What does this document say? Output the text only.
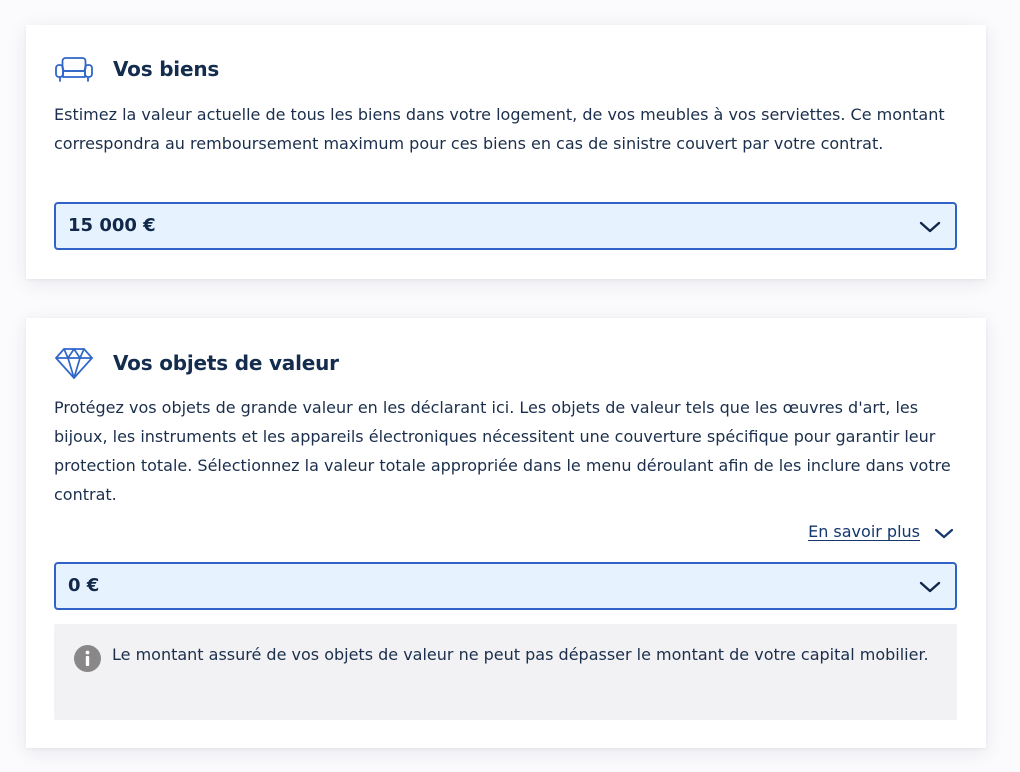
Vos biens

Estimez la valeur actuelle de tous les biens dans votre logement, de vos meubles à vos serviettes. Ce montant correspondra au remboursement maximum pour ces biens en cas de sinistre couvert par votre contrat.

15 000 €
Vos objets de valeur

Protégez vos objets de grande valeur en les déclarant ici. Les objets de valeur tels que les œuvres d'art, les bijoux, les instruments et les appareils électroniques nécessitent une couverture spécifique pour garantir leur protection totale. Sélectionnez la valeur totale appropriée dans le menu déroulant afin de les inclure dans votre contrat.

En savoir plus
0 €

Le montant assuré de vos objets de valeur ne peut pas dépasser le montant de votre capital mobilier.
